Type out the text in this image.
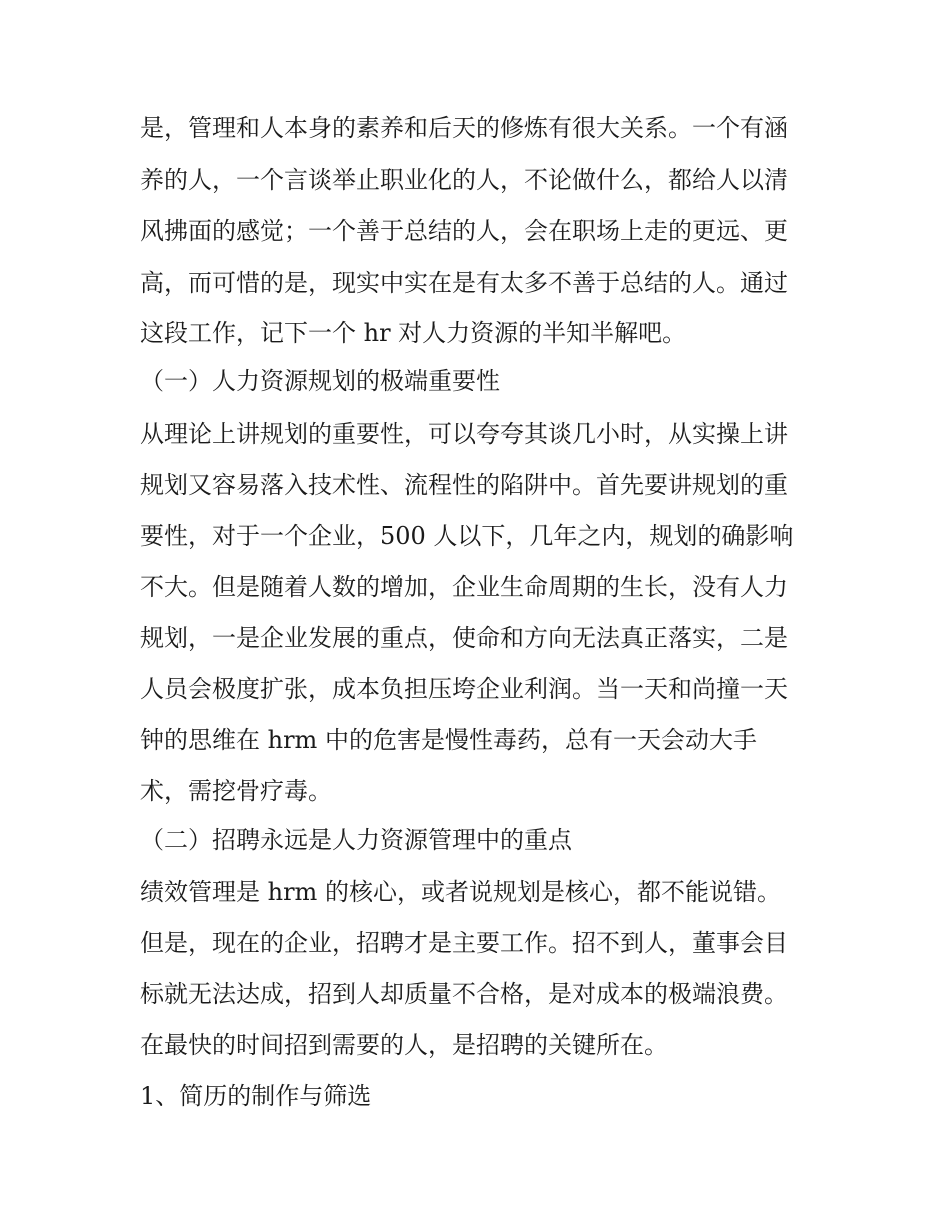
是，管理和人本身的素养和后天的修炼有很大关系。一个有涵
养的人，一个言谈举止职业化的人，不论做什么，都给人以清
风拂面的感觉；一个善于总结的人，会在职场上走的更远、更
高，而可惜的是，现实中实在是有太多不善于总结的人。通过
这段工作，记下一个 hr 对人力资源的半知半解吧。
（一）人力资源规划的极端重要性
从理论上讲规划的重要性，可以夸夸其谈几小时，从实操上讲
规划又容易落入技术性、流程性的陷阱中。首先要讲规划的重
要性，对于一个企业，500 人以下，几年之内，规划的确影响
不大。但是随着人数的增加，企业生命周期的生长，没有人力
规划，一是企业发展的重点，使命和方向无法真正落实，二是
人员会极度扩张，成本负担压垮企业利润。当一天和尚撞一天
钟的思维在 hrm 中的危害是慢性毒药，总有一天会动大手
术，需挖骨疗毒。
（二）招聘永远是人力资源管理中的重点
绩效管理是 hrm 的核心，或者说规划是核心，都不能说错。
但是，现在的企业，招聘才是主要工作。招不到人，董事会目
标就无法达成，招到人却质量不合格，是对成本的极端浪费。
在最快的时间招到需要的人，是招聘的关键所在。
1、简历的制作与筛选
